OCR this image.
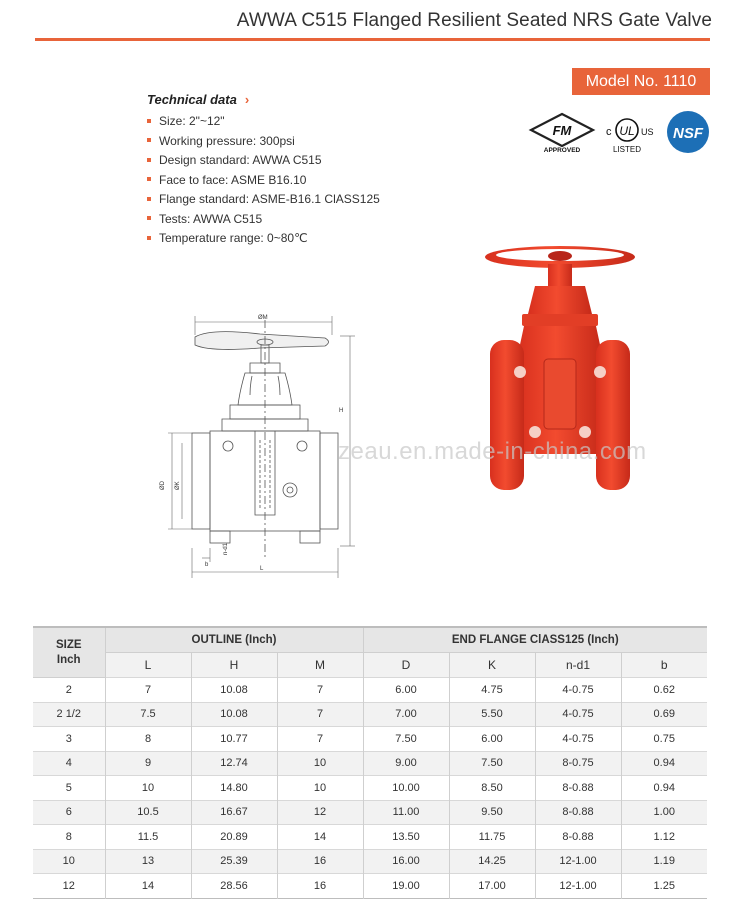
AWWA C515 Flanged Resilient Seated NRS Gate Valve
Model No. 1110
Technical data ›
Size: 2"~12"
Working pressure: 300psi
Design standard: AWWA C515
Face to face: ASME B16.10
Flange standard: ASME-B16.1 ClASS125
Tests: AWWA C515
Temperature range: 0~80℃
FM
APPROVED
c UL US
LISTED
NSF
ØM
H
ØD ØK
b
n-d1
L
zeau.en.made-in-china.com
SIZE
Inch	OUTLINE (Inch)			END FLANGE ClASS125 (Inch)			
	L	H	M	D	K	n-d1	b
2	7	10.08	7	6.00	4.75	4-0.75	0.62
2 1/2	7.5	10.08	7	7.00	5.50	4-0.75	0.69
3	8	10.77	7	7.50	6.00	4-0.75	0.75
4	9	12.74	10	9.00	7.50	8-0.75	0.94
5	10	14.80	10	10.00	8.50	8-0.88	0.94
6	10.5	16.67	12	11.00	9.50	8-0.88	1.00
8	11.5	20.89	14	13.50	11.75	8-0.88	1.12
10	13	25.39	16	16.00	14.25	12-1.00	1.19
12	14	28.56	16	19.00	17.00	12-1.00	1.25
